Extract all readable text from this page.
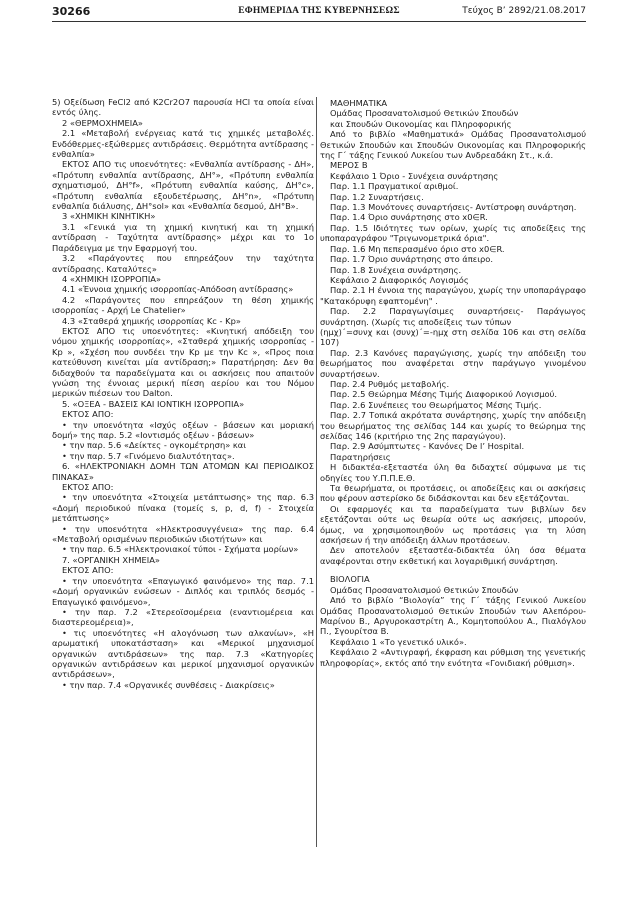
30266	ΕΦΗΜΕΡΙΔΑ ΤΗΣ ΚΥΒΕΡΝΗΣΕΩΣ	Τεύχος Β’ 2892/21.08.2017

5) Οξείδωση FeCl2 από K2Cr2O7 παρουσία HCl τα οποία είναι εντός ύλης.

2 «ΘΕΡΜΟΧΗΜΕΙΑ»

2.1 «Μεταβολή ενέργειας κατά τις χημικές μεταβολές. Ενδόθερμες-εξώθερμες αντιδράσεις. Θερμότητα αντίδρασης - ενθαλπία»

ΕΚΤΟΣ ΑΠΟ τις υποενότητες: «Ενθαλπία αντίδρασης - ΔΗ», «Πρότυπη ενθαλπία αντίδρασης, ΔΗ°», «Πρότυπη ενθαλπία σχηματισμού, ΔΗ°f», «Πρότυπη ενθαλπία καύσης, ΔΗ°c», «Πρότυπη ενθαλπία εξουδετέρωσης, ΔΗ°n», «Πρότυπη ενθαλπία διάλυσης, ΔΗ°sol» και «Ενθαλπία δεσμού, ΔΗ°B».

3 «ΧΗΜΙΚΗ ΚΙΝΗΤΙΚΗ»

3.1 «Γενικά για τη χημική κινητική και τη χημική αντίδραση - Ταχύτητα αντίδρασης» μέχρι και το 1ο Παράδειγμα με την Εφαρμογή του.

3.2 «Παράγοντες που επηρεάζουν την ταχύτητα αντίδρασης. Καταλύτες»

4 «ΧΗΜΙΚΗ ΙΣΟΡΡΟΠΙΑ»

4.1 «Έννοια χημικής ισορροπίας-Απόδοση αντίδρασης»

4.2 «Παράγοντες που επηρεάζουν τη θέση χημικής ισορροπίας - Αρχή Le Chatelier»

4.3 «Σταθερά χημικής ισορροπίας Kc - Kp»

ΕΚΤΟΣ ΑΠΟ τις υποενότητες: «Κινητική απόδειξη του νόμου χημικής ισορροπίας», «Σταθερά χημικής ισορροπίας - Kp », «Σχέση που συνδέει την Kp με την Kc », «Προς ποια κατεύθυνση κινείται μία αντίδραση;» Παρατήρηση: Δεν θα διδαχθούν τα παραδείγματα και οι ασκήσεις που απαιτούν γνώση της έννοιας μερική πίεση αερίου και του Νόμου μερικών πιέσεων του Dalton.

5. «ΟΞΕΑ - ΒΑΣΕΙΣ ΚΑΙ ΙΟΝΤΙΚΗ ΙΣΟΡΡΟΠΙΑ»

ΕΚΤΟΣ ΑΠΟ:

• την υποενότητα «Ισχύς οξέων - βάσεων και μοριακή δομή» της παρ. 5.2 «Ιοντισμός οξέων - βάσεων»

• την παρ. 5.6 «Δείκτες - ογκομέτρηση» και

• την παρ. 5.7 «Γινόμενο διαλυτότητας».

6. «ΗΛΕΚΤΡΟΝΙΑΚΗ ΔΟΜΗ ΤΩΝ ΑΤΟΜΩΝ ΚΑΙ ΠΕΡΙΟΔΙΚΟΣ ΠΙΝΑΚΑΣ»

ΕΚΤΟΣ ΑΠΟ:

• την υποενότητα «Στοιχεία μετάπτωσης» της παρ. 6.3 «Δομή περιοδικού πίνακα (τομείς s, p, d, f) - Στοιχεία μετάπτωσης»

• την υποενότητα «Ηλεκτροσυγγένεια» της παρ. 6.4 «Μεταβολή ορισμένων περιοδικών ιδιοτήτων» και

• την παρ. 6.5 «Ηλεκτρονιακοί τύποι - Σχήματα μορίων»

7. «ΟΡΓΑΝΙΚΗ ΧΗΜΕΙΑ»

ΕΚΤΟΣ ΑΠΟ:

• την υποενότητα «Επαγωγικό φαινόμενο» της παρ. 7.1 «Δομή οργανικών ενώσεων - Διπλός και τριπλός δεσμός - Επαγωγικό φαινόμενο»,

• την παρ. 7.2 «Στερεοϊσομέρεια (εναντιομέρεια και διαστερεομέρεια)»,

• τις υποενότητες «Η αλογόνωση των αλκανίων», «Η αρωματική υποκατάσταση» και «Μερικοί μηχανισμοί οργανικών αντιδράσεων» της παρ. 7.3 «Κατηγορίες οργανικών αντιδράσεων και μερικοί μηχανισμοί οργανικών αντιδράσεων»,

• την παρ. 7.4 «Οργανικές συνθέσεις - Διακρίσεις»

ΜΑΘΗΜΑΤΙΚΑ

Ομάδας Προσανατολισμού Θετικών Σπουδών

και Σπουδών Οικονομίας και Πληροφορικής

Από το βιβλίο «Μαθηματικά» Ομάδας Προσανατολισμού Θετικών Σπουδών και Σπουδών Οικονομίας και Πληροφορικής της Γ΄ τάξης Γενικού Λυκείου των Ανδρεαδάκη Στ., κ.ά.

ΜΕΡΟΣ Β

Κεφάλαιο 1 Όριο - Συνέχεια συνάρτησης

Παρ. 1.1 Πραγματικοί αριθμοί.

Παρ. 1.2 Συναρτήσεις.

Παρ. 1.3 Μονότονες συναρτήσεις- Αντίστροφη συνάρτηση.

Παρ. 1.4 Όριο συνάρτησης στο x0∈R.

Παρ. 1.5 Ιδιότητες των ορίων, χωρίς τις αποδείξεις της υποπαραγράφου "Τριγωνομετρικά όρια".

Παρ. 1.6 Μη πεπερασμένο όριο στο x0∈R.

Παρ. 1.7 Όριο συνάρτησης στο άπειρο.

Παρ. 1.8 Συνέχεια συνάρτησης.

Κεφάλαιο 2 Διαφορικός Λογισμός

Παρ. 2.1 Η έννοια της παραγώγου, χωρίς την υποπαράγραφο "Κατακόρυφη εφαπτομένη" .

Παρ. 2.2 Παραγωγίσιμες συναρτήσεις- Παράγωγος συνάρτηση. (Χωρίς τις αποδείξεις των τύπων

(ημχ)΄=συνχ και (συνχ)΄=-ημχ στη σελίδα 106 και στη σελίδα 107)

Παρ. 2.3 Κανόνες παραγώγισης, χωρίς την απόδειξη του θεωρήματος που αναφέρεται στην παράγωγο γινομένου συναρτήσεων.

Παρ. 2.4 Ρυθμός μεταβολής.

Παρ. 2.5 Θεώρημα Μέσης Τιμής Διαφορικού Λογισμού.

Παρ. 2.6 Συνέπειες του Θεωρήματος Μέσης Τιμής.

Παρ. 2.7 Τοπικά ακρότατα συνάρτησης, χωρίς την απόδειξη του θεωρήματος της σελίδας 144 και χωρίς το θεώρημα της σελίδας 146 (κριτήριο της 2ης παραγώγου).

Παρ. 2.9 Ασύμπτωτες - Κανόνες De l’ Hospital.

Παρατηρήσεις

Η διδακτέα-εξεταστέα ύλη θα διδαχτεί σύμφωνα με τις οδηγίες του Υ.Π.Π.Ε.Θ.

Τα θεωρήματα, οι προτάσεις, οι αποδείξεις και οι ασκήσεις που φέρουν αστερίσκο δε διδάσκονται και δεν εξετάζονται.

Οι εφαρμογές και τα παραδείγματα των βιβλίων δεν εξετάζονται ούτε ως θεωρία ούτε ως ασκήσεις, μπορούν, όμως, να χρησιμοποιηθούν ως προτάσεις για τη λύση ασκήσεων ή την απόδειξη άλλων προτάσεων.

Δεν αποτελούν εξεταστέα-διδακτέα ύλη όσα θέματα αναφέρονται στην εκθετική και λογαριθμική συνάρτηση.

ΒΙΟΛΟΓΙΑ

Ομάδας Προσανατολισμού Θετικών Σπουδών

Από το βιβλίο “Βιολογία” της Γ΄ τάξης Γενικού Λυκείου Ομάδας Προσανατολισμού Θετικών Σπουδών των Αλεπόρου-Μαρίνου Β., Αργυροκαστρίτη Α., Κομητοπούλου Α., Πιαλόγλου Π., Σγουρίτσα Β.

Κεφάλαιο 1 «Το γενετικό υλικό».

Κεφάλαιο 2 «Αντιγραφή, έκφραση και ρύθμιση της γενετικής πληροφορίας», εκτός από την ενότητα «Γονιδιακή ρύθμιση».
